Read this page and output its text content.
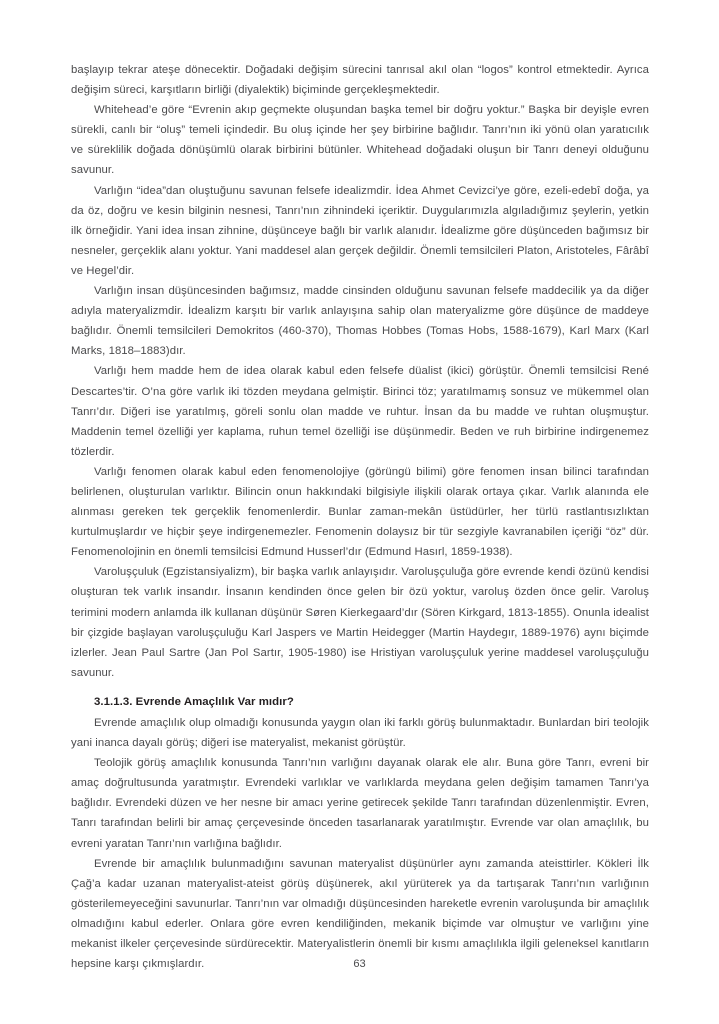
başlayıp tekrar ateşe dönecektir. Doğadaki değişim sürecini tanrısal akıl olan “logos” kontrol etmektedir. Ayrıca değişim süreci, karşıtların birliği (diyalektik) biçiminde gerçekleşmektedir.

Whitehead’e göre “Evrenin akıp geçmekte oluşundan başka temel bir doğru yoktur.” Başka bir deyişle evren sürekli, canlı bir “oluş” temeli içindedir. Bu oluş içinde her şey birbirine bağlıdır. Tanrı’nın iki yönü olan yaratıcılık ve süreklilik doğada dönüşümlü olarak birbirini bütünler. Whitehead doğadaki oluşun bir Tanrı deneyi olduğunu savunur.

Varlığın “idea”dan oluştuğunu savunan felsefe idealizmdir. İdea Ahmet Cevizci’ye göre, ezeli-edebî doğa, ya da öz, doğru ve kesin bilginin nesnesi, Tanrı’nın zihnindeki içeriktir. Duygularımızla algıladığımız şeylerin, yetkin ilk örneğidir. Yani idea insan zihnine, düşünceye bağlı bir varlık alanıdır. İdealizme göre düşünceden bağımsız bir nesneler, gerçeklik alanı yoktur. Yani maddesel alan gerçek değildir. Önemli temsilcileri Platon, Aristoteles, Fârâbî ve Hegel’dir.

Varlığın insan düşüncesinden bağımsız, madde cinsinden olduğunu savunan felsefe maddecilik ya da diğer adıyla materyalizmdir. İdealizm karşıtı bir varlık anlayışına sahip olan materyalizme göre düşünce de maddeye bağlıdır. Önemli temsilcileri Demokritos (460-370), Thomas Hobbes (Tomas Hobs, 1588-1679), Karl Marx (Karl Marks, 1818–1883)dır.

Varlığı hem madde hem de idea olarak kabul eden felsefe düalist (ikici) görüştür. Önemli temsilcisi René Descartes’tir. O’na göre varlık iki tözden meydana gelmiştir. Birinci töz; yaratılmamış sonsuz ve mükemmel olan Tanrı’dır. Diğeri ise yaratılmış, göreli sonlu olan madde ve ruhtur. İnsan da bu madde ve ruhtan oluşmuştur. Maddenin temel özelliği yer kaplama, ruhun temel özelliği ise düşünmedir. Beden ve ruh birbirine indirgenemez tözlerdir.

Varlığı fenomen olarak kabul eden fenomenolojiye (görüngü bilimi) göre fenomen insan bilinci tarafından belirlenen, oluşturulan varlıktır. Bilincin onun hakkındaki bilgisiyle ilişkili olarak ortaya çıkar. Varlık alanında ele alınması gereken tek gerçeklik fenomenlerdir. Bunlar zaman-mekân üstüdürler, her türlü rastlantısızlıktan kurtulmuşlardır ve hiçbir şeye indirgenemezler. Fenomenin dolaysız bir tür sezgiyle kavranabilen içeriği “öz” dür. Fenomenolojinin en önemli temsilcisi Edmund Husserl’dır (Edmund Hasırl, 1859-1938).

Varoluşçuluk (Egzistansiyalizm), bir başka varlık anlayışıdır. Varoluşçuluğa göre evrende kendi özünü kendisi oluşturan tek varlık insandır. İnsanın kendinden önce gelen bir özü yoktur, varoluş özden önce gelir. Varoluş terimini modern anlamda ilk kullanan düşünür Søren Kierkegaard’dır (Sören Kirkgard, 1813-1855). Onunla idealist bir çizgide başlayan varoluşçuluğu Karl Jaspers ve Martin Heidegger (Martin Haydegır, 1889-1976) aynı biçimde izlerler. Jean Paul Sartre (Jan Pol Sartır, 1905-1980) ise Hristiyan varoluşçuluk yerine maddesel varoluşçuluğu savunur.

3.1.1.3. Evrende Amaçlılık Var mıdır?

Evrende amaçlılık olup olmadığı konusunda yaygın olan iki farklı görüş bulunmaktadır. Bunlardan biri teolojik yani inanca dayalı görüş; diğeri ise materyalist, mekanist görüştür.

Teolojik görüş amaçlılık konusunda Tanrı’nın varlığını dayanak olarak ele alır. Buna göre Tanrı, evreni bir amaç doğrultusunda yaratmıştır. Evrendeki varlıklar ve varlıklarda meydana gelen değişim tamamen Tanrı’ya bağlıdır. Evrendeki düzen ve her nesne bir amacı yerine getirecek şekilde Tanrı tarafından düzenlenmiştir. Evren, Tanrı tarafından belirli bir amaç çerçevesinde önceden tasarlanarak yaratılmıştır. Evrende var olan amaçlılık, bu evreni yaratan Tanrı’nın varlığına bağlıdır.

Evrende bir amaçlılık bulunmadığını savunan materyalist düşünürler aynı zamanda ateisttirler. Kökleri İlk Çağ’a kadar uzanan materyalist-ateist görüş düşünerek, akıl yürüterek ya da tartışarak Tanrı’nın varlığının gösterilemeyeceğini savunurlar. Tanrı’nın var olmadığı düşüncesinden hareketle evrenin varoluşunda bir amaçlılık olmadığını kabul ederler. Onlara göre evren kendiliğinden, mekanik biçimde var olmuştur ve varlığını yine mekanist ilkeler çerçevesinde sürdürecektir. Materyalistlerin önemli bir kısmı amaçlılıkla ilgili geleneksel kanıtların hepsine karşı çıkmışlardır.	63
